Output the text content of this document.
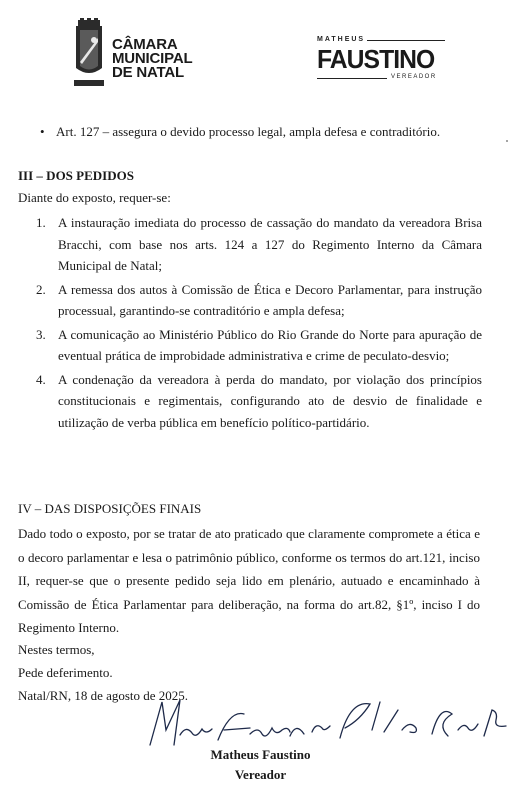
CÂMARA
MUNICIPAL
DE NATAL
MATHEUS
FAUSTINO
VEREADOR
• Art. 127 – assegura o devido processo legal, ampla defesa e contraditório.
III – DOS PEDIDOS

Diante do exposto, requer-se:

1. A instauração imediata do processo de cassação do mandato da vereadora Brisa Bracchi, com base nos arts. 124 a 127 do Regimento Interno da Câmara Municipal de Natal;
2. A remessa dos autos à Comissão de Ética e Decoro Parlamentar, para instrução processual, garantindo-se contraditório e ampla defesa;
3. A comunicação ao Ministério Público do Rio Grande do Norte para apuração de eventual prática de improbidade administrativa e crime de peculato-desvio;
4. A condenação da vereadora à perda do mandato, por violação dos princípios constitucionais e regimentais, configurando ato de desvio de finalidade e utilização de verba pública em benefício político-partidário.
IV – DAS DISPOSIÇÕES FINAIS

Dado todo o exposto, por se tratar de ato praticado que claramente compromete a ética e o decoro parlamentar e lesa o patrimônio público, conforme os termos do art.121, inciso II, requer-se que o presente pedido seja lido em plenário, autuado e encaminhado à Comissão de Ética Parlamentar para deliberação, na forma do art.82, §1º, inciso I do Regimento Interno.

Nestes termos,

Pede deferimento.

Natal/RN, 18 de agosto de 2025.

Matheus Faustino
Vereador
